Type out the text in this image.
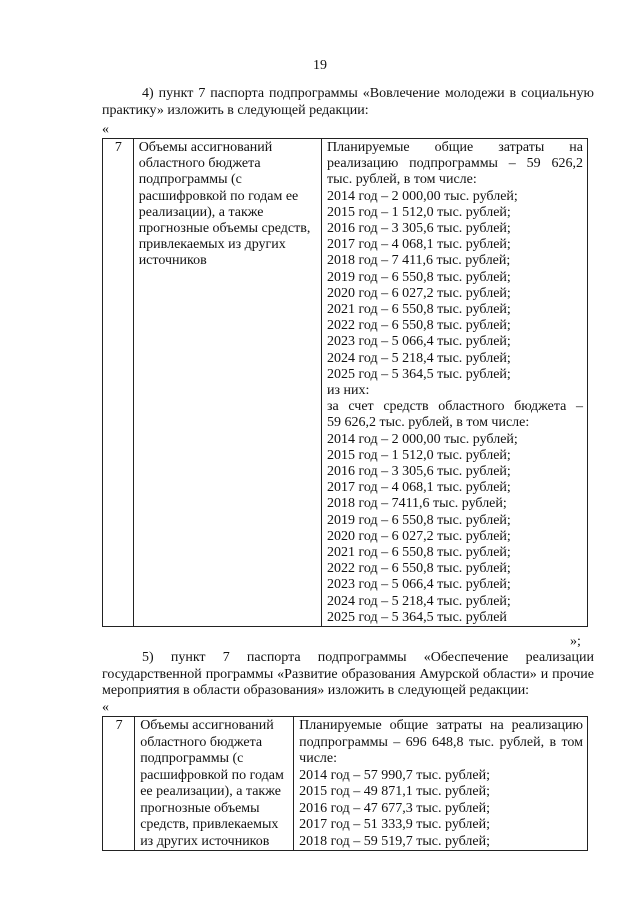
19
4) пункт 7 паспорта подпрограммы «Вовлечение молодежи в социальную практику» изложить в следующей редакции:
«
7	Объемы ассигнований областного бюджета подпрограммы (с расшифровкой по годам ее реализации), а также прогнозные объемы средств, привлекаемых из других источников	
Планируемые общие затраты на
реализацию подпрограммы – 59 626,2
тыс. рублей, в том числе:
2014 год – 2 000,00 тыс. рублей;
2015 год – 1 512,0 тыс. рублей;
2016 год – 3 305,6 тыс. рублей;
2017 год – 4 068,1 тыс. рублей;
2018 год – 7 411,6 тыс. рублей;
2019 год – 6 550,8 тыс. рублей;
2020 год – 6 027,2 тыс. рублей;
2021 год – 6 550,8 тыс. рублей;
2022 год – 6 550,8 тыс. рублей;
2023 год – 5 066,4 тыс. рублей;
2024 год – 5 218,4 тыс. рублей;
2025 год – 5 364,5 тыс. рублей;
из них:
за счет средств областного бюджета –
59 626,2 тыс. рублей, в том числе:
2014 год – 2 000,00 тыс. рублей;
2015 год – 1 512,0 тыс. рублей;
2016 год – 3 305,6 тыс. рублей;
2017 год – 4 068,1 тыс. рублей;
2018 год – 7411,6 тыс. рублей;
2019 год – 6 550,8 тыс. рублей;
2020 год – 6 027,2 тыс. рублей;
2021 год – 6 550,8 тыс. рублей;
2022 год – 6 550,8 тыс. рублей;
2023 год – 5 066,4 тыс. рублей;
2024 год – 5 218,4 тыс. рублей;
2025 год – 5 364,5 тыс. рублей
»;
5) пункт 7 паспорта подпрограммы «Обеспечение реализации государственной программы «Развитие образования Амурской области» и прочие мероприятия в области образования» изложить в следующей редакции:
«
7	Объемы ассигнований областного бюджета подпрограммы (с расшифровкой по годам ее реализации), а также прогнозные объемы средств, привлекаемых из других источников	
Планируемые общие затраты на реализацию
подпрограммы – 696 648,8 тыс. рублей, в том
числе:
2014 год – 57 990,7 тыс. рублей;
2015 год – 49 871,1 тыс. рублей;
2016 год – 47 677,3 тыс. рублей;
2017 год – 51 333,9 тыс. рублей;
2018 год – 59 519,7 тыс. рублей;
